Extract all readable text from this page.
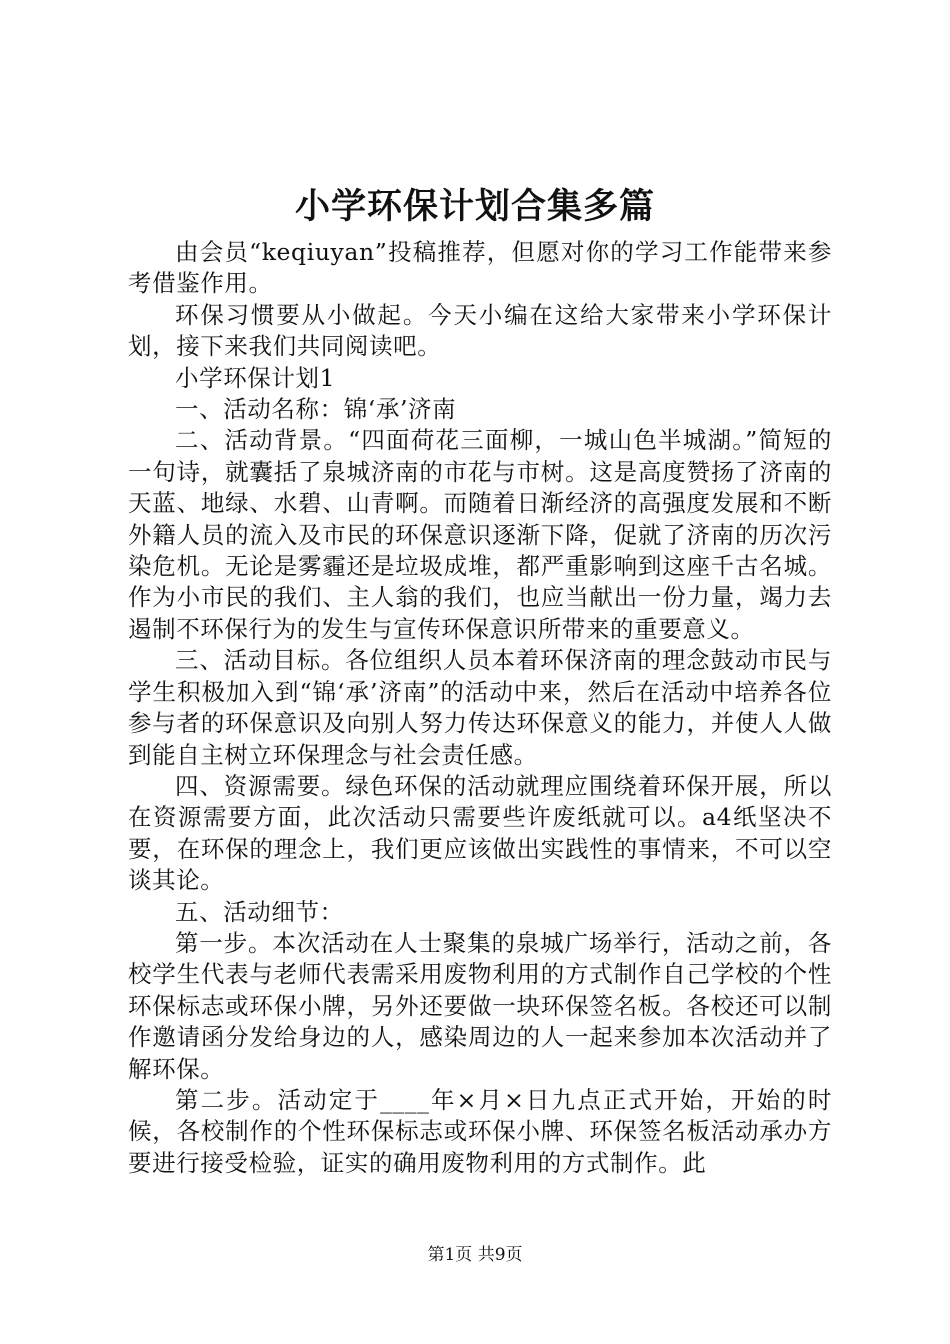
小学环保计划合集多篇

由会员“keqiuyan”投稿推荐，但愿对你的学习工作能带来参考借鉴作用。

环保习惯要从小做起。今天小编在这给大家带来小学环保计划，接下来我们共同阅读吧。

小学环保计划1

一、活动名称：锦‘承’济南

二、活动背景。“四面荷花三面柳，一城山色半城湖。”简短的一句诗，就囊括了泉城济南的市花与市树。这是高度赞扬了济南的天蓝、地绿、水碧、山青啊。而随着日渐经济的高强度发展和不断外籍人员的流入及市民的环保意识逐渐下降，促就了济南的历次污染危机。无论是雾霾还是垃圾成堆，都严重影响到这座千古名城。作为小市民的我们、主人翁的我们，也应当献出一份力量，竭力去遏制不环保行为的发生与宣传环保意识所带来的重要意义。

三、活动目标。各位组织人员本着环保济南的理念鼓动市民与学生积极加入到“锦‘承’济南”的活动中来，然后在活动中培养各位参与者的环保意识及向别人努力传达环保意义的能力，并使人人做到能自主树立环保理念与社会责任感。

四、资源需要。绿色环保的活动就理应围绕着环保开展，所以在资源需要方面，此次活动只需要些许废纸就可以。a4纸坚决不要，在环保的理念上，我们更应该做出实践性的事情来，不可以空谈其论。

五、活动细节：

第一步。本次活动在人士聚集的泉城广场举行，活动之前，各校学生代表与老师代表需采用废物利用的方式制作自己学校的个性环保标志或环保小牌，另外还要做一块环保签名板。各校还可以制作邀请函分发给身边的人，感染周边的人一起来参加本次活动并了解环保。

第二步。活动定于____年×月×日九点正式开始，开始的时候，各校制作的个性环保标志或环保小牌、环保签名板活动承办方要进行接受检验，证实的确用废物利用的方式制作。此

第1页 共9页
